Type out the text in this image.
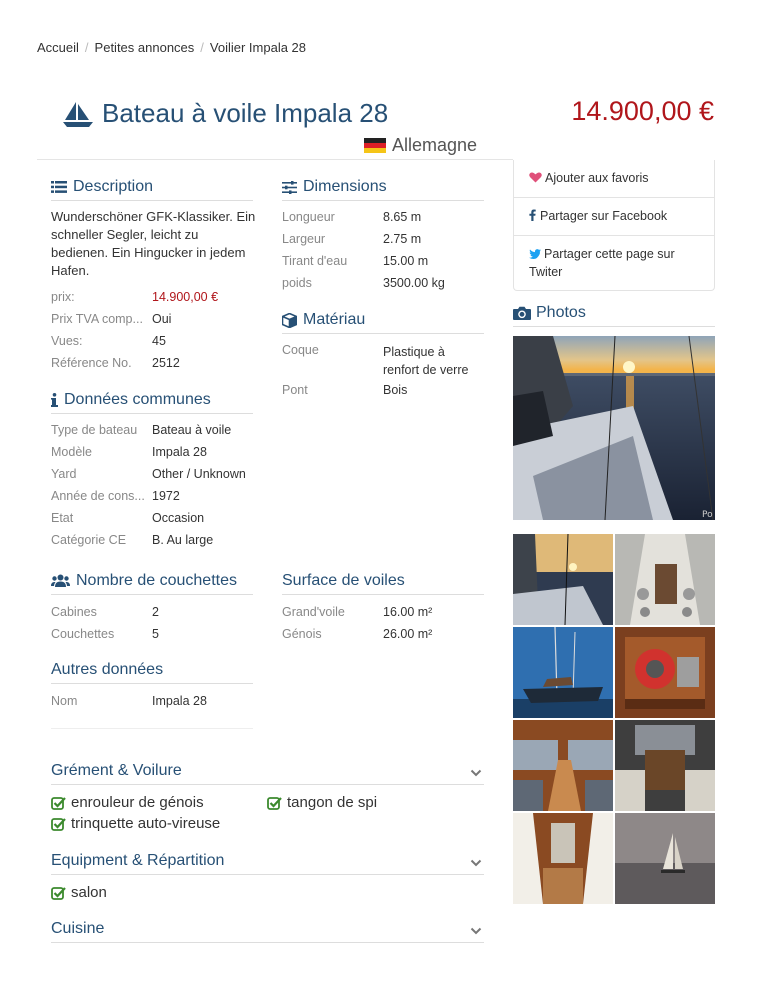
Accueil / Petites annonces / Voilier Impala 28
Bateau à voile Impala 28	14.900,00 €
Allemagne
Description

Wunderschöner GFK-Klassiker. Ein schneller Segler, leicht zu bedienen. Ein Hingucker in jedem Hafen.

prix:	14.900,00 €
Prix TVA comp... Oui
Vues:	45
Référence No.	2512
Données communes
Type de bateau	Bateau à voile
Modèle	Impala 28
Yard	Other / Unknown
Année de cons... 1972
Etat	Occasion
Catégorie CE	B. Au large
Dimensions
Longueur	8.65 m
Largeur	2.75 m
Tirant d'eau	15.00 m
poids	3500.00 kg
Matériau
Coque	Plastique à renfort de verre
Pont	Bois
Nombre de couchettes
Cabines	2
Couchettes	5
Surface de voiles
Grand'voile	16.00 m²
Génois	26.00 m²
Autres données
Nom	Impala 28
Ajouter aux favoris
Partager sur Facebook
Partager cette page sur Twiter
Photos
Po
Grément & Voilure
enrouleur de génois
trinquette auto-vireuse
tangon de spi
Equipment & Répartition
salon
Cuisine
